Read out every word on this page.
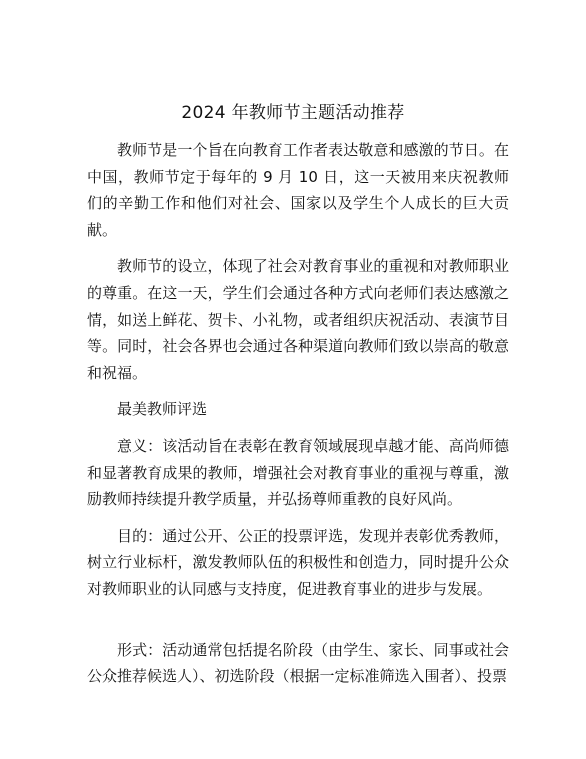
2024 年教师节主题活动推荐

教师节是一个旨在向教育工作者表达敬意和感激的节日。在中国，教师节定于每年的 9 月 10 日，这一天被用来庆祝教师们的辛勤工作和他们对社会、国家以及学生个人成长的巨大贡献。

教师节的设立，体现了社会对教育事业的重视和对教师职业的尊重。在这一天，学生们会通过各种方式向老师们表达感激之情，如送上鲜花、贺卡、小礼物，或者组织庆祝活动、表演节目等。同时，社会各界也会通过各种渠道向教师们致以崇高的敬意和祝福。

最美教师评选

意义：该活动旨在表彰在教育领域展现卓越才能、高尚师德和显著教育成果的教师，增强社会对教育事业的重视与尊重，激励教师持续提升教学质量，并弘扬尊师重教的良好风尚。

目的：通过公开、公正的投票评选，发现并表彰优秀教师，树立行业标杆，激发教师队伍的积极性和创造力，同时提升公众对教师职业的认同感与支持度，促进教育事业的进步与发展。

形式：活动通常包括提名阶段（由学生、家长、同事或社会公众推荐候选人）、初选阶段（根据一定标准筛选入围者）、投票
